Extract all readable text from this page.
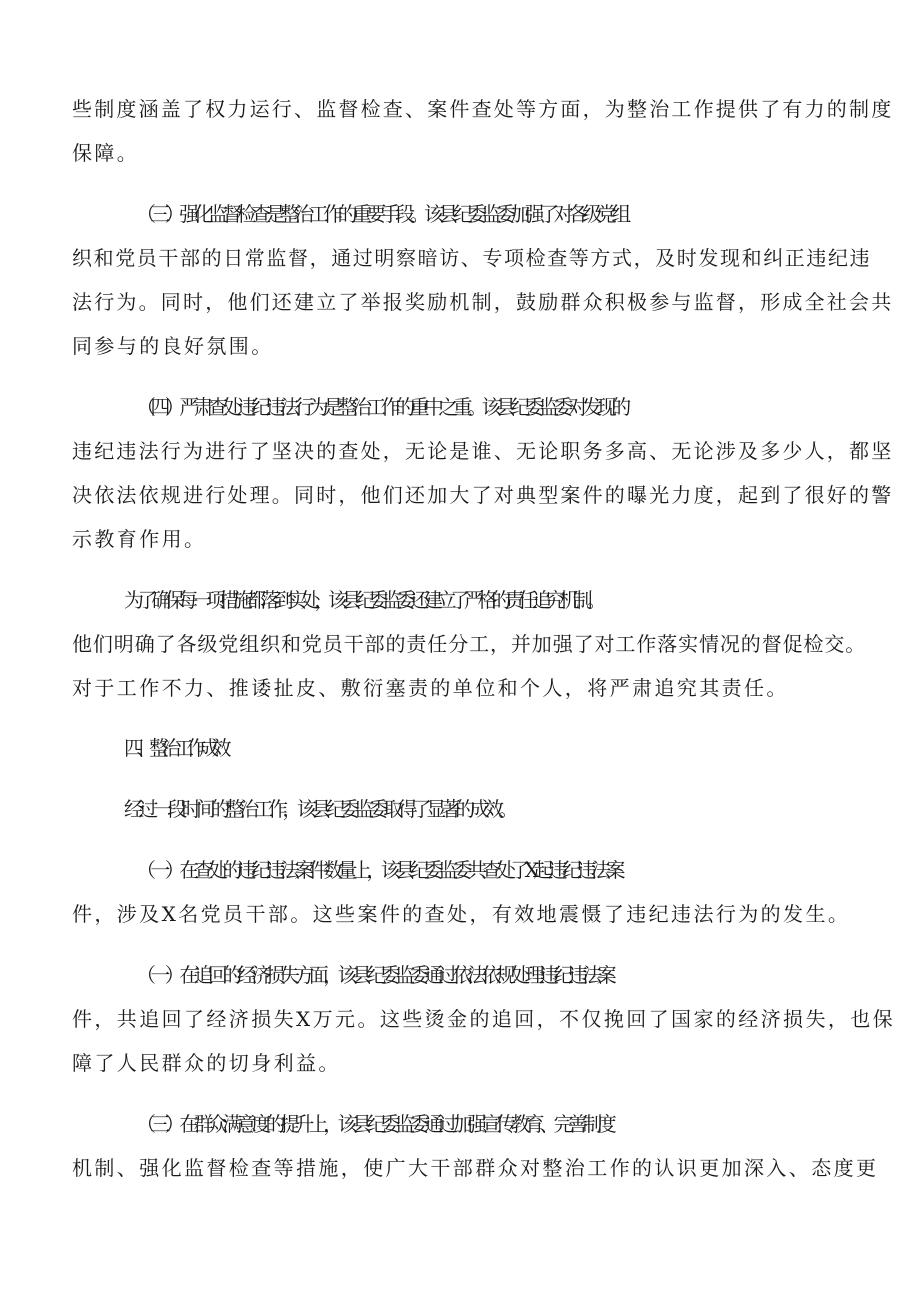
些制度涵盖了权力运行、监督检查、案件查处等方面，为整治工作提供了有力的制度
保障。
（三）强化监督检查是整治工作的重要手段。该县纪委监委加强了对各级党组
织和党员干部的日常监督，通过明察暗访、专项检查等方式，及时发现和纠正违纪违
法行为。同时，他们还建立了举报奖励机制，鼓励群众积极参与监督，形成全社会共
同参与的良好氛围。
（四）严肃查处违纪违法行为是整治工作的重中之重。该县纪委监委对发现的
违纪违法行为进行了坚决的查处，无论是谁、无论职务多高、无论涉及多少人，都坚
决依法依规进行处理。同时，他们还加大了对典型案件的曝光力度，起到了很好的警
示教育作用。
为了确保每一项措施都落到实处，该县纪委监委还建立了严格的责任追究机制。
他们明确了各级党组织和党员干部的责任分工，并加强了对工作落实情况的督促检交。
对于工作不力、推诿扯皮、敷衍塞责的单位和个人，将严肃追究其责任。
四、整治工作成效
经过一段时间的整治工作，该县纪委监委取得了显著的成效。
（一）在查处的违纪违法案件数量上，该县纪委监委共查处了X起违纪违法案
件，涉及X名党员干部。这些案件的查处，有效地震慑了违纪违法行为的发生。
（一）在追回的经济损失方面，该县纪委监委通过依法依规处理违纪违法案
件，共追回了经济损失X万元。这些烫金的追回，不仅挽回了国家的经济损失，也保
障了人民群众的切身利益。
（三）在群众满意度的提升上，该县纪委监委通过加强宣传教育、完善制度
机制、强化监督检查等措施，使广大干部群众对整治工作的认识更加深入、态度更
